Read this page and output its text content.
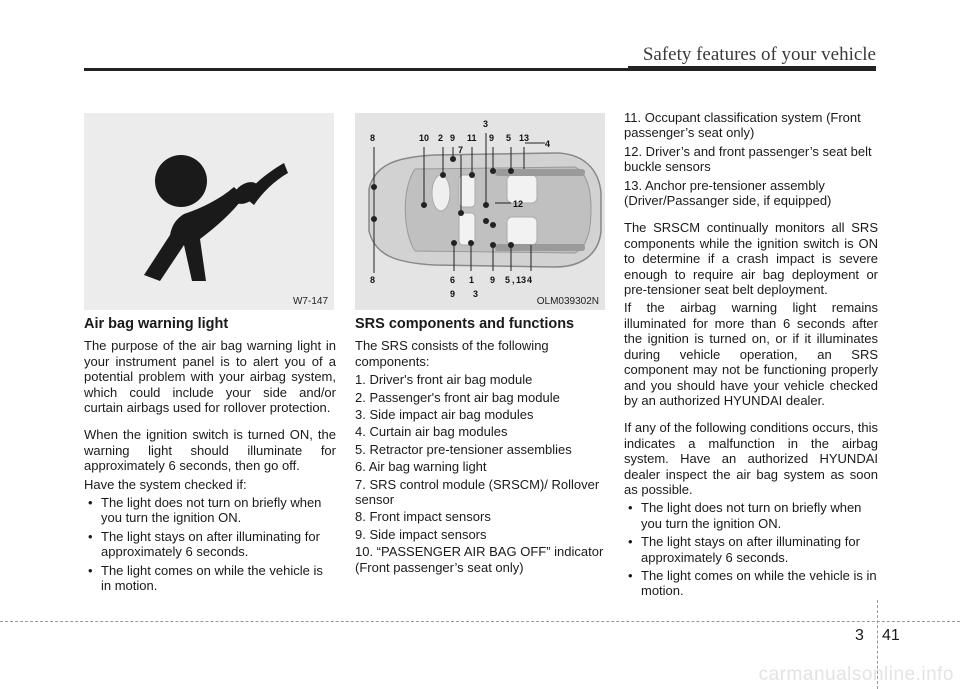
Safety features of your vehicle
W7-147
8	10 2 9 11 9 5 13
3
4
7
12
8	6 1 9 5 , 13 4
9 3
OLM039302N
Air bag warning light

The purpose of the air bag warning light in your instrument panel is to alert you of a potential problem with your airbag system, which could include your side and/or curtain airbags used for rollover protection.

When the ignition switch is turned ON, the warning light should illuminate for approximately 6 seconds, then go off.

Have the system checked if:

• The light does not turn on briefly when you turn the ignition ON.
• The light stays on after illuminating for approximately 6 seconds.
• The light comes on while the vehicle is in motion.
SRS components and functions

The SRS consists of the following components:

1. Driver's front air bag module
2. Passenger's front air bag module
3. Side impact air bag modules
4. Curtain air bag modules
5. Retractor pre-tensioner assemblies
6. Air bag warning light
7. SRS control module (SRSCM)/ Rollover sensor
8. Front impact sensors
9. Side impact sensors
10. “PASSENGER AIR BAG OFF” indicator (Front passenger’s seat only)
11. Occupant classification system (Front passenger’s seat only)
12. Driver’s and front passenger’s seat belt buckle sensors
13. Anchor pre-tensioner assembly (Driver/Passanger side, if equipped)

The SRSCM continually monitors all SRS components while the ignition switch is ON to determine if a crash impact is severe enough to require air bag deployment or pre-tensioner seat belt deployment.

If the airbag warning light remains illuminated for more than 6 seconds after the ignition is turned on, or if it illuminates during vehicle operation, an SRS component may not be functioning properly and you should have your vehicle checked by an authorized HYUNDAI dealer.

If any of the following conditions occurs, this indicates a malfunction in the airbag system. Have an authorized HYUNDAI dealer inspect the air bag system as soon as possible.

• The light does not turn on briefly when you turn the ignition ON.
• The light stays on after illuminating for approximately 6 seconds.
• The light comes on while the vehicle is in motion.
3 41
carmanualsonline.info
